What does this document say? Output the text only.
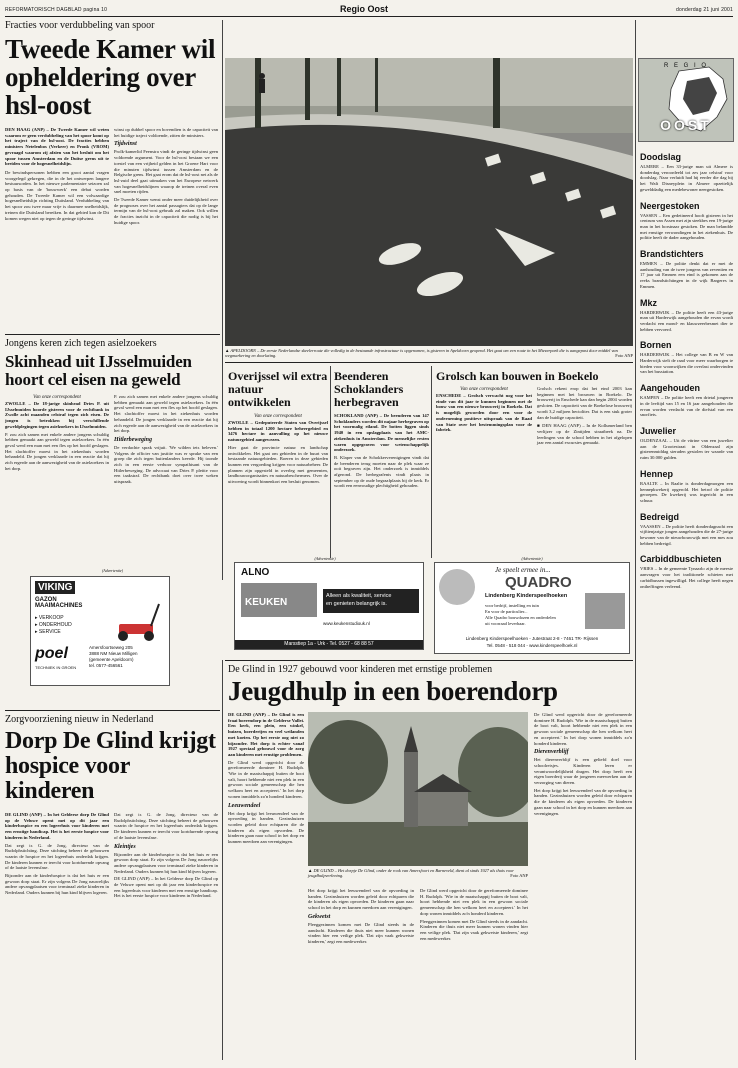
REFORMATORISCH DAGBLAD pagina 10	Regio Oost	donderdag 21 juni 2001
Fracties voor verdubbeling van spoor
Tweede Kamer wil opheldering over hsl-oost

DEN HAAG (ANP) – De Tweede Kamer wil weten waarom er geen verdubbeling van het spoor komt op het traject van de hsl-oost. De fracties hebben ministers Netelenbos (Verkeer) en Pronk (VROM) gevraagd waarom zij afzien van het besluit om het spoor tussen Amsterdam en de Duitse grens uit te breiden voor de hogesnelheidslijn.

De bewindspersonen hebben een groot aantal vragen voorgelegd gekregen, die in de het ontwerpen langere bestuursorden. In het nieuwe parlementaire seizoen zal op basis van de 'bouwwerk' een debat worden gehouden. De Tweede Kamer wil een volwaardige hogesnelheidslijn richting Duitsland. Verdubbeling van het spoor zou twee maar vrije is daarmee snelheidslijk, treinen die Duitsland bereiken. In dat gebied kan de Dit komen wegen niet op tegen de geringe tijdwinst.

winst op dubbel spoor en bovendien is de capaciteit van het huidige traject voldoende, zitten de ministers.

Tijdwinst

Prolk-kamerlid Feenstra vindt de geringe tijdwinst geen voldoende argument. Voor de hsl-oost bestaan we een toestel van een vrijheid gelden in het Groene Hart voor die minuten tijdwinst tussen Amsterdam en de Belgische grens. Het gaat erom dat de hsl-oost net als de hsl-zuid deel gaat uitmaken van het Europese netwerk van hogesnelheidslijnen waarop de treinen overal even snel moeten rijden.

De Tweede Kamer wenst onder meer duidelijkheid over de prognoses over het aantal passagiers dat op de lange termijn van de hsl-oost gebruik zal maken. Ook willen de fracties inzicht in de capaciteit die nodig is bij het huidige spoor.

▲ APELDOORN – De eerste Nederlandse skeelerroute die volledig in de bestaande infrastructuur is opgenomen, is gisteren in Apeldoorn geopend. Het gaat om een route in het Miezerpark die is aangepast door middel van wegmarkering en doorlating.	Foto ANP
R E G I O
OOST
Doodslag

ALMERE – Een 33-jarige man uit Almere is donderdag veroordeeld tot zes jaar celstraf voor doodslag. Naar verluidt had hij eerder die dag bij het Walt Disneyplein in Almere opzettelijk gewelddadig een medebewoner neergestoken.

Neergestoken

VASSEN – Een gedetineerd hooft gisteren in het centrum van Assen met zijn steekbes een 19-jarige man in het borstnaar gestoken. De man belandde met ernstige verwondingen in het ziekenhuis. De politie heeft de dader aangehouden.

Brandstichters

EMMEN – De politie denkt dat er met de aanhouding van de twee jongens van zeventien en 17 jaar uit Emmen een eind is gekomen aan de reeks brandstichtingen in de wijk Bargeres in Emmen.

Mkz

HARDERWIJK – De politie heeft een 43-jarige man uit Harderwijk aangehouden die ervan wordt verdacht een mond- en klauwzeerbesmet dier te hebben vervoerd.

Bornen

HARDERWIJK – Het college van B en W van Harderwijk stelt de raad voor meer waarborgen te bieden voor woonwijken die overlast ondervinden van het busstation.

Aangehouden

KAMPEN – De politie heeft een drietal jongeren in de leeftijd van 15 en 16 jaar aangehouden die ervan worden verdacht van de diefstal van een snorfiets.

Juwelier

OLDENZAAL – Uit de vitrine van een juwelier aan de Grootestraat in Oldenzaal zijn gisterenmiddag sieraden gestolen ter waarde van ruim 30.000 gulden.

Hennep

RAALTE – In Raalte is donderdagmorgen een hennepkwekerij opgerold. Het betrof de politie geroepen. De kwekerij was ingericht in een schuur.

Bedreigd

VAASSEN – De politie heeft donderdagnacht een vijftienjarige jongen aangehouden die de 27-jarige bewoner van de nieuwbouwwijk met een mes zou hebben bedreigd.

Carbiddbuschieten

VRIES – In de gemeente Tynaarlo zijn de meeste aanvragen voor het traditionele schieten met carbidbussen ingewilligd. Het college heeft negen ontheffingen verleend.

Jongens keren zich tegen asielzoekers
Skinhead uit IJsselmuiden hoort cel eisen na geweld

Van onze correspondent

ZWOLLE – De 18-jarige skinhead Dries P. uit IJsselmuiden hoorde gisteren voor de rechtbank in Zwolle acht maanden celstraf tegen zich eisen. De jongen is betrokken bij verschillende geweldplegingen tegen asielzoekers in IJsselmuiden.

P. zou zich samen met enkele andere jongens schuldig hebben gemaakt aan geweld tegen asielzoekers. In één geval werd een man met een fles op het hoofd geslagen. Het slachtoffer moest in het ziekenhuis worden behandeld. De jongen verklaarde in een reactie dat hij zich ergerde aan de aanwezigheid van de asielzoekers in het dorp.

P. zou zich samen met enkele andere jongens schuldig hebben gemaakt aan geweld tegen asielzoekers. In één geval werd een man met een fles op het hoofd geslagen. Het slachtoffer moest in het ziekenhuis worden behandeld. De jongen verklaarde in een reactie dat hij zich ergerde aan de aanwezigheid van de asielzoekers in het dorp.

Hitlerbeweging

De verdachte sprak vrijuit. 'We wilden iets beleven.' Volgens de officier van justitie was er sprake van een groep die zich tegen buitenlanders keerde. Hij toonde zich in een eerste verhoor sympathisant van de Hitlerbeweging. De advocaat van Dries P. pleitte voor een taakstraf. De rechtbank doet over twee weken uitspraak.

Overijssel wil extra natuur ontwikkelen

Van onze correspondent

ZWOLLE – Gedeputeerde Staten van Overijssel hebben in totaal 1200 hectare beheergebied en 3476 hectare in aanvulling op het nieuwe natuurgebied aangewezen.

Hier gaat de provincie natuur en landschap ontwikkelen. Het gaat om gebieden in de buurt van bestaande natuurgebieden. Boeren in deze gebieden kunnen een vergoeding krijgen voor natuurbeheer. De plannen zijn opgesteld in overleg met gemeenten, landbouworganisaties en natuurbeschermers. Over de uitvoering wordt binnenkort een besluit genomen.

Beenderen Schoklanders herbegraven

SCHOKLAND (ANP) – De beenderen van 147 Schoklanders worden dit najaar herbegraven op het voormalig eiland. De botten liggen sinds 1940 in een opslagplaats van het AMC-ziekenhuis in Amsterdam. De menselijke resten waren opgegraven voor wetenschappelijk onderzoek.

B. Klaper van de Schokkerverenigingen vindt dat de beenderen terug moeten naar de plek waar ze ooit begraven zijn. Het onderzoek is inmiddels afgerond. De herbegrafenis vindt plaats in september op de oude begraafplaats bij de kerk. Er wordt een eenvoudige plechtigheid gehouden.

Grolsch kan bouwen in Boekelo

Van onze correspondent

ENSCHEDE – Grolsch verwacht nog voor het einde van dit jaar te kunnen beginnen met de bouw van een nieuwe brouwerij in Boekelo. Dat is mogelijk geworden door een voor de onderneming positieve uitspraak van de Raad van State over het bestemmingsplan voor de fabriek.

Grolsch rekent erop dat het eind 2003 kan beginnen met het brouwen in Boekelo. De brouwerij in Enschede kan dan begin 2004 worden gesloten. De capaciteit van de Boekelose brouwerij wordt 3,2 miljoen hectoliter. Dat is een stuk groter dan de huidige capaciteit.

■ DEN HAAG (ANP) – In de Kollumerland ben verlijzer op de Zintijden straatbeek na. De leerlingen van de school hebben in het afgelopen jaar een aantal excursies gemaakt.

(Advertentie)
VIKING
GAZON MAAIMACHINES
▸ VERKOOP
▸ ONDERHOUD
▸ SERVICE
poel
TECHNIEK IN GROEN
Amersfoortseweg 205
3888 NM Nieuw Milligen
(gemeente Apeldoorn)
tel. 0577-456561
(Advertentie)
ALNO
KEUKEN
Alleen als kwaliteit, service
en genieten belangrijk is.
www.keukenstudiouk.nl
Marsstiep 1a - Urk - Tel. 0527 - 68 88 57
(Advertentie)
Je speelt ermee in...
QUADRO
Lindenberg Kinderspeelhoeken
voor bedrijf, instelling en tuin
En voor de particulier...
Alle Quadro bouwdozen en onderdelen
uit voorraad leverbaar.
Lindenberg Kinderspeelhoeken - Jutestraat 2-8 - 7461 TR- Rijssen
Tel. 0548 - 518 044 - www.kinderspeelhoek.nl
De Glind in 1927 gebouwd voor kinderen met ernstige problemen
Jeugdhulp in een boerendorp

DE GLIND (ANP) – De Glind is een fraai boerendorp in de Gelderse Vallei. Een kerk, een plein, een winkel, huizen, boerderijen en veel weilanden met koeien. Op het eerste oog niet zo bijzonder. Het dorp is echter vanaf 1927 speciaal gebouwd voor de zorg aan kinderen met ernstige problemen.

De Glind werd opgericht door de gereformeerde dominee H. Rudolph. 'Wie in de maatschappij buiten de boot valt, hoort hebbende niet een plek in een gewoon sociale gemeenschap die hen welkom heet en accepteert.' In het dorp wonen inmiddels zo'n honderd kinderen.

Leeuwendeel

Het dorp krijgt het leeuwendeel van de opvoeding in handen. Gezinshuizen worden geleid door echtparen die de kinderen als eigen opvoeden. De kinderen gaan naar school in het dorp en kunnen meedoen aan verenigingen.

▲ DE GLIND – Het dorpje De Glind, onder de rook van Amersfoort en Barneveld, dient al sinds 1927 als thuis voor jeugdhulpverlening.	Foto ANP

Het dorp krijgt het leeuwendeel van de opvoeding in handen. Gezinshuizen worden geleid door echtparen die de kinderen als eigen opvoeden. De kinderen gaan naar school in het dorp en kunnen meedoen aan verenigingen.

Gekwetst

Pleeggezinnen komen met De Glind steeds in de aandacht. Kinderen die thuis niet meer kunnen wonen vinden hier een veilige plek. 'Dat zijn vaak gekwetste kinderen,' zegt een medewerker.

De Glind werd opgericht door de gereformeerde dominee H. Rudolph. 'Wie in de maatschappij buiten de boot valt, hoort hebbende niet een plek in een gewoon sociale gemeenschap die hen welkom heet en accepteert.' In het dorp wonen inmiddels zo'n honderd kinderen.

Pleeggezinnen komen met De Glind steeds in de aandacht. Kinderen die thuis niet meer kunnen wonen vinden hier een veilige plek. 'Dat zijn vaak gekwetste kinderen,' zegt een medewerker.

De Glind werd opgericht door de gereformeerde dominee H. Rudolph. 'Wie in de maatschappij buiten de boot valt, hoort hebbende niet een plek in een gewoon sociale gemeenschap die hen welkom heet en accepteert.' In het dorp wonen inmiddels zo'n honderd kinderen.

Dierenverblijf

Het dierenverblijf is een geliefd doel voor schoolreisjes. Kinderen leren er verantwoordelijkheid dragen. Het dorp heeft een eigen boerderij waar de jongeren meewerken aan de verzorging van dieren.

Het dorp krijgt het leeuwendeel van de opvoeding in handen. Gezinshuizen worden geleid door echtparen die de kinderen als eigen opvoeden. De kinderen gaan naar school in het dorp en kunnen meedoen aan verenigingen.

Zorgvoorziening nieuw in Nederland
Dorp De Glind krijgt hospice voor kinderen

DE GLIND (ANP) – In het Gelderse dorp De Glind op de Veluwe opent mei op dit jaar een kinderhospice en een logeerhuis voor kinderen met een ernstige handicap. Het is het eerste hospice voor kinderen in Nederland.

Dat zegt ir. G. de Jong, directeur van de Rudolphstichting. Deze stichting beheert de gebouwen waarin de hospice en het logeerhuis onderdak krijgen. De kinderen kunnen er terecht voor kortdurende opvang of de laatste levensfase.

Bijzonder aan de kinderhospice is dat het huis er een gewoon dorp staat. Er zijn volgens De Jong nauwelijks andere opvangplaatsen voor terminaal zieke kinderen in Nederland. Ouders kunnen bij hun kind blijven logeren.

Dat zegt ir. G. de Jong, directeur van de Rudolphstichting. Deze stichting beheert de gebouwen waarin de hospice en het logeerhuis onderdak krijgen. De kinderen kunnen er terecht voor kortdurende opvang of de laatste levensfase.

Kleintjes

Bijzonder aan de kinderhospice is dat het huis er een gewoon dorp staat. Er zijn volgens De Jong nauwelijks andere opvangplaatsen voor terminaal zieke kinderen in Nederland. Ouders kunnen bij hun kind blijven logeren.

DE GLIND (ANP) – In het Gelderse dorp De Glind op de Veluwe opent mei op dit jaar een kinderhospice en een logeerhuis voor kinderen met een ernstige handicap. Het is het eerste hospice voor kinderen in Nederland.
